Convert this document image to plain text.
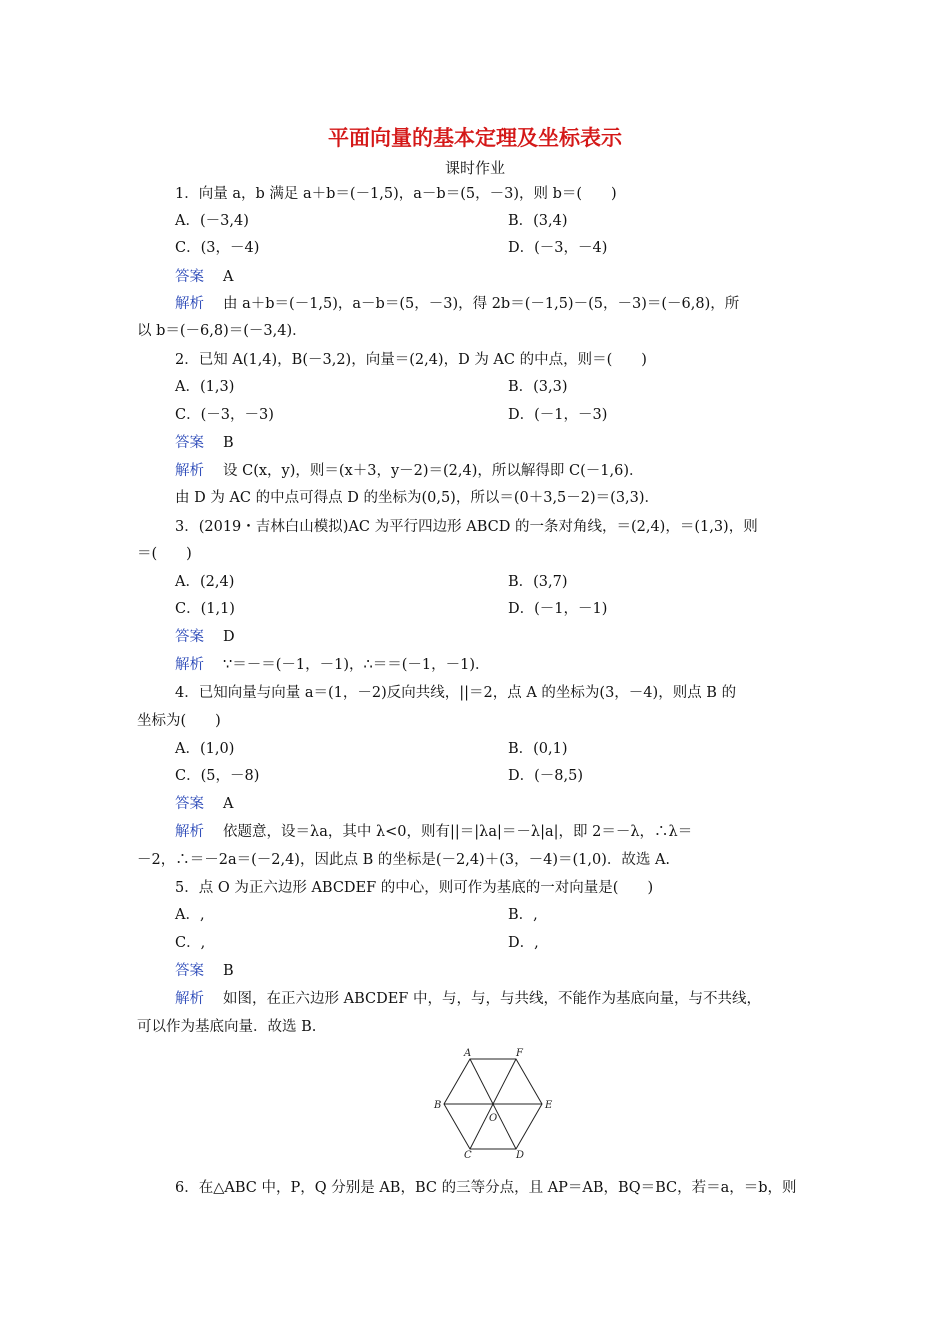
平面向量的基本定理及坐标表示
课时作业
1．向量 a，b 满足 a＋b＝(－1,5)，a－b＝(5，－3)，则 b＝(　　)
A．(－3,4)	B．(3,4)
C．(3，－4)	D．(－3，－4)
答案 A
解析 由 a＋b＝(－1,5)，a－b＝(5，－3)，得 2b＝(－1,5)－(5，－3)＝(－6,8)，所
以 b＝(－6,8)＝(－3,4)．
2．已知 A(1,4)，B(－3,2)，向量＝(2,4)，D 为 AC 的中点，则＝(　　)
A．(1,3)	B．(3,3)
C．(－3，－3)	D．(－1，－3)
答案 B
解析 设 C(x，y)，则＝(x＋3，y－2)＝(2,4)，所以解得即 C(－1,6)．
由 D 为 AC 的中点可得点 D 的坐标为(0,5)，所以＝(0＋3,5－2)＝(3,3)．
3．(2019・吉林白山模拟)AC 为平行四边形 ABCD 的一条对角线，＝(2,4)，＝(1,3)，则
＝(　　)
A．(2,4)	B．(3,7)
C．(1,1)	D．(－1，－1)
答案 D
解析 ∵＝－＝(－1，－1)，∴＝＝(－1，－1)．
4．已知向量与向量 a＝(1，－2)反向共线，||＝2，点 A 的坐标为(3，－4)，则点 B 的
坐标为(　　)
A．(1,0)	B．(0,1)
C．(5，－8)	D．(－8,5)
答案 A
解析 依题意，设＝λa，其中 λ<0，则有||＝|λa|＝－λ|a|，即 2＝－λ，∴λ＝
－2，∴＝－2a＝(－2,4)，因此点 B 的坐标是(－2,4)＋(3，－4)＝(1,0)．故选 A.
5．点 O 为正六边形 ABCDEF 的中心，则可作为基底的一对向量是(　　)
A．,	B．,
C．,	D．,
答案 B
解析 如图，在正六边形 ABCDEF 中，与，与，与共线，不能作为基底向量，与不共线，
可以作为基底向量．故选 B.
6．在△ABC 中，P，Q 分别是 AB，BC 的三等分点，且 AP＝AB，BQ＝BC，若＝a，＝b，则
A	F
B
O
E
C	D
